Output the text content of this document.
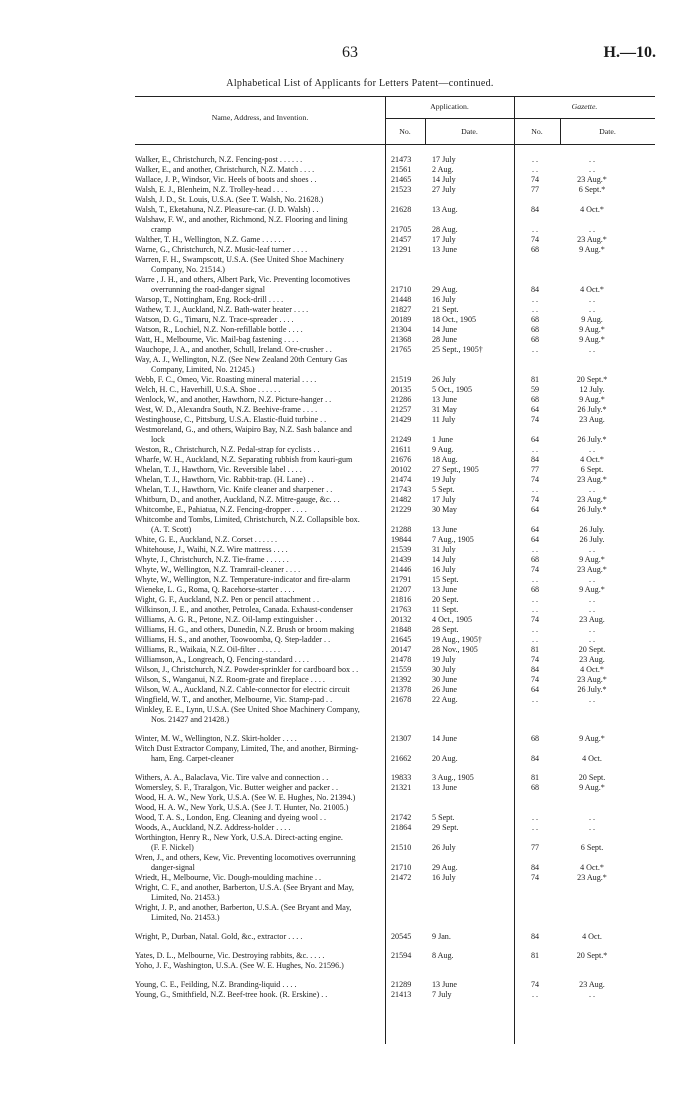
63	H.—10.
Alphabetical List of Applicants for Letters Patent—continued.
Name, Address, and Invention.
Application.	Gazette.
No.	Date.	No.	Date.
Walker, E., Christchurch, N.Z. Fencing-post . . . . . .	21473	17 July	. .	. .
Walker, E., and another, Christchurch, N.Z. Match . . . .	21561	2 Aug.	. .	. .
Wallace, J. P., Windsor, Vic. Heels of boots and shoes . .	21465	14 July	74	23 Aug.*
Walsh, E. J., Blenheim, N.Z. Trolley-head . . . .	21523	27 July	77	6 Sept.*
Walsh, J. D., St. Louis, U.S.A. (See T. Walsh, No. 21628.)
Walsh, T., Eketahuna, N.Z. Pleasure-car. (J. D. Walsh) . .	21628	13 Aug.	84	4 Oct.*
Walshaw, F. W., and another, Richmond, N.Z. Flooring and lining
cramp	21705	28 Aug.	. .	. .
Walther, T. H., Wellington, N.Z. Game . . . . . .	21457	17 July	74	23 Aug.*
Warne, G., Christchurch, N.Z. Music-leaf turner . . . .	21291	13 June	68	9 Aug.*
Warren, F. H., Swampscott, U.S.A. (See United Shoe Machinery
Company, No. 21514.)
Warre , J. H., and others, Albert Park, Vic. Preventing locomotives
overrunning the road-danger signal	21710	29 Aug.	84	4 Oct.*
Warsop, T., Nottingham, Eng. Rock-drill . . . .	21448	16 July	. .	. .
Wathew, T. J., Auckland, N.Z. Bath-water heater . . . .	21827	21 Sept.	. .	. .
Watson, D. G., Timaru, N.Z. Trace-spreader . . . .	20189	18 Oct., 1905	68	9 Aug.
Watson, R., Lochiel, N.Z. Non-refillable bottle . . . .	21304	14 June	68	9 Aug.*
Watt, H., Melbourne, Vic. Mail-bag fastening . . . .	21368	28 June	68	9 Aug.*
Wauchope, J. A., and another, Schull, Ireland. Ore-crusher . .	21765	25 Sept., 1905†	. .	. .
Way, A. J., Wellington, N.Z. (See New Zealand 20th Century Gas
Company, Limited, No. 21245.)
Webb, F. C., Omeo, Vic. Roasting mineral material . . . .	21519	26 July	81	20 Sept.*
Welch, H. C., Haverhill, U.S.A. Shoe . . . . . .	20135	5 Oct., 1905	59	12 July.
Wenlock, W., and another, Hawthorn, N.Z. Picture-hanger . .	21286	13 June	68	9 Aug.*
West, W. D., Alexandra South, N.Z. Beehive-frame . . . .	21257	31 May	64	26 July.*
Westinghouse, C., Pittsburg, U.S.A. Elastic-fluid turbine . .	21429	11 July	74	23 Aug.
Westmoreland, G., and others, Waipiro Bay, N.Z. Sash balance and
lock	21249	1 June	64	26 July.*
Weston, R., Christchurch, N.Z. Pedal-strap for cyclists . .	21611	9 Aug.	. .	. .
Wharfe, W. H., Auckland, N.Z. Separating rubbish from kauri-gum	21676	18 Aug.	84	4 Oct.*
Whelan, T. J., Hawthorn, Vic. Reversible label . . . .	20102	27 Sept., 1905	77	6 Sept.
Whelan, T. J., Hawthorn, Vic. Rabbit-trap. (H. Lane) . .	21474	19 July	74	23 Aug.*
Whelan, T. J., Hawthorn, Vic. Knife cleaner and sharpener . .	21743	5 Sept.	. .	. .
Whitburn, D., and another, Auckland, N.Z. Mitre-gauge, &c. . .	21482	17 July	74	23 Aug.*
Whitcombe, E., Pahiatua, N.Z. Fencing-dropper . . . .	21229	30 May	64	26 July.*
Whitcombe and Tombs, Limited, Christchurch, N.Z. Collapsible box.
(A. T. Scott)	21288	13 June	64	26 July.
White, G. E., Auckland, N.Z. Corset . . . . . .	19844	7 Aug., 1905	64	26 July.
Whitehouse, J., Waihi, N.Z. Wire mattress . . . .	21539	31 July	. .	. .
Whyte, J., Christchurch, N.Z. Tie-frame . . . . . .	21439	14 July	68	9 Aug.*
Whyte, W., Wellington, N.Z. Tramrail-cleaner . . . .	21446	16 July	74	23 Aug.*
Whyte, W., Wellington, N.Z. Temperature-indicator and fire-alarm	21791	15 Sept.	. .	. .
Wieneke, L. G., Roma, Q. Racehorse-starter . . . .	21207	13 June	68	9 Aug.*
Wight, G. F., Auckland, N.Z. Pen or pencil attachment . .	21816	20 Sept.	. .	. .
Wilkinson, J. E., and another, Petrolea, Canada. Exhaust-condenser	21763	11 Sept.	. .	. .
Williams, A. G. R., Petone, N.Z. Oil-lamp extinguisher . .	20132	4 Oct., 1905	74	23 Aug.
Williams, H. G., and others, Dunedin, N.Z. Brush or broom making	21848	28 Sept.	. .	. .
Williams, H. S., and another, Toowoomba, Q. Step-ladder . .	21645	19 Aug., 1905†	. .	. .
Williams, R., Waikaia, N.Z. Oil-filter . . . . . .	20147	28 Nov., 1905	81	20 Sept.
Williamson, A., Longreach, Q. Fencing-standard . . . .	21478	19 July	74	23 Aug.
Wilson, J., Christchurch, N.Z. Powder-sprinkler for cardboard box . .	21559	30 July	84	4 Oct.*
Wilson, S., Wanganui, N.Z. Room-grate and fireplace . . . .	21392	30 June	74	23 Aug.*
Wilson, W. A., Auckland, N.Z. Cable-connector for electric circuit	21378	26 June	64	26 July.*
Wingfield, W. T., and another, Melbourne, Vic. Stamp-pad . .	21678	22 Aug.	. .	. .
Winkley, E. E., Lynn, U.S.A. (See United Shoe Machinery Company,
Nos. 21427 and 21428.)
Winter, M. W., Wellington, N.Z. Skirt-holder . . . .	21307	14 June	68	9 Aug.*
Witch Dust Extractor Company, Limited, The, and another, Birming-
ham, Eng. Carpet-cleaner	21662	20 Aug.	84	4 Oct.
Withers, A. A., Balaclava, Vic. Tire valve and connection . .	19833	3 Aug., 1905	81	20 Sept.
Womersley, S. F., Traralgon, Vic. Butter weigher and packer . .	21321	13 June	68	9 Aug.*
Wood, H. A. W., New York, U.S.A. (See W. E. Hughes, No. 21394.)
Wood, H. A. W., New York, U.S.A. (See J. T. Hunter, No. 21005.)
Wood, T. A. S., London, Eng. Cleaning and dyeing wool . .	21742	5 Sept.	. .	. .
Woods, A., Auckland, N.Z. Address-holder . . . .	21864	29 Sept.	. .	. .
Worthington, Henry R., New York, U.S.A. Direct-acting engine.
(F. F. Nickel)	21510	26 July	77	6 Sept.
Wren, J., and others, Kew, Vic. Preventing locomotives overrunning
danger-signal	21710	29 Aug.	84	4 Oct.*
Wriedt, H., Melbourne, Vic. Dough-moulding machine . .	21472	16 July	74	23 Aug.*
Wright, C. F., and another, Barberton, U.S.A. (See Bryant and May,
Limited, No. 21453.)
Wright, J. P., and another, Barberton, U.S.A. (See Bryant and May,
Limited, No. 21453.)
Wright, P., Durban, Natal. Gold, &c., extractor . . . .	20545	9 Jan.	84	4 Oct.
Yates, D. L., Melbourne, Vic. Destroying rabbits, &c. . . . .	21594	8 Aug.	81	20 Sept.*
Yoho, J. F., Washington, U.S.A. (See W. E. Hughes, No. 21596.)
Young, C. E., Feilding, N.Z. Branding-liquid . . . .	21289	13 June	74	23 Aug.
Young, G., Smithfield, N.Z. Beef-tree hook. (R. Erskine) . .	21413	7 July	. .	. .
